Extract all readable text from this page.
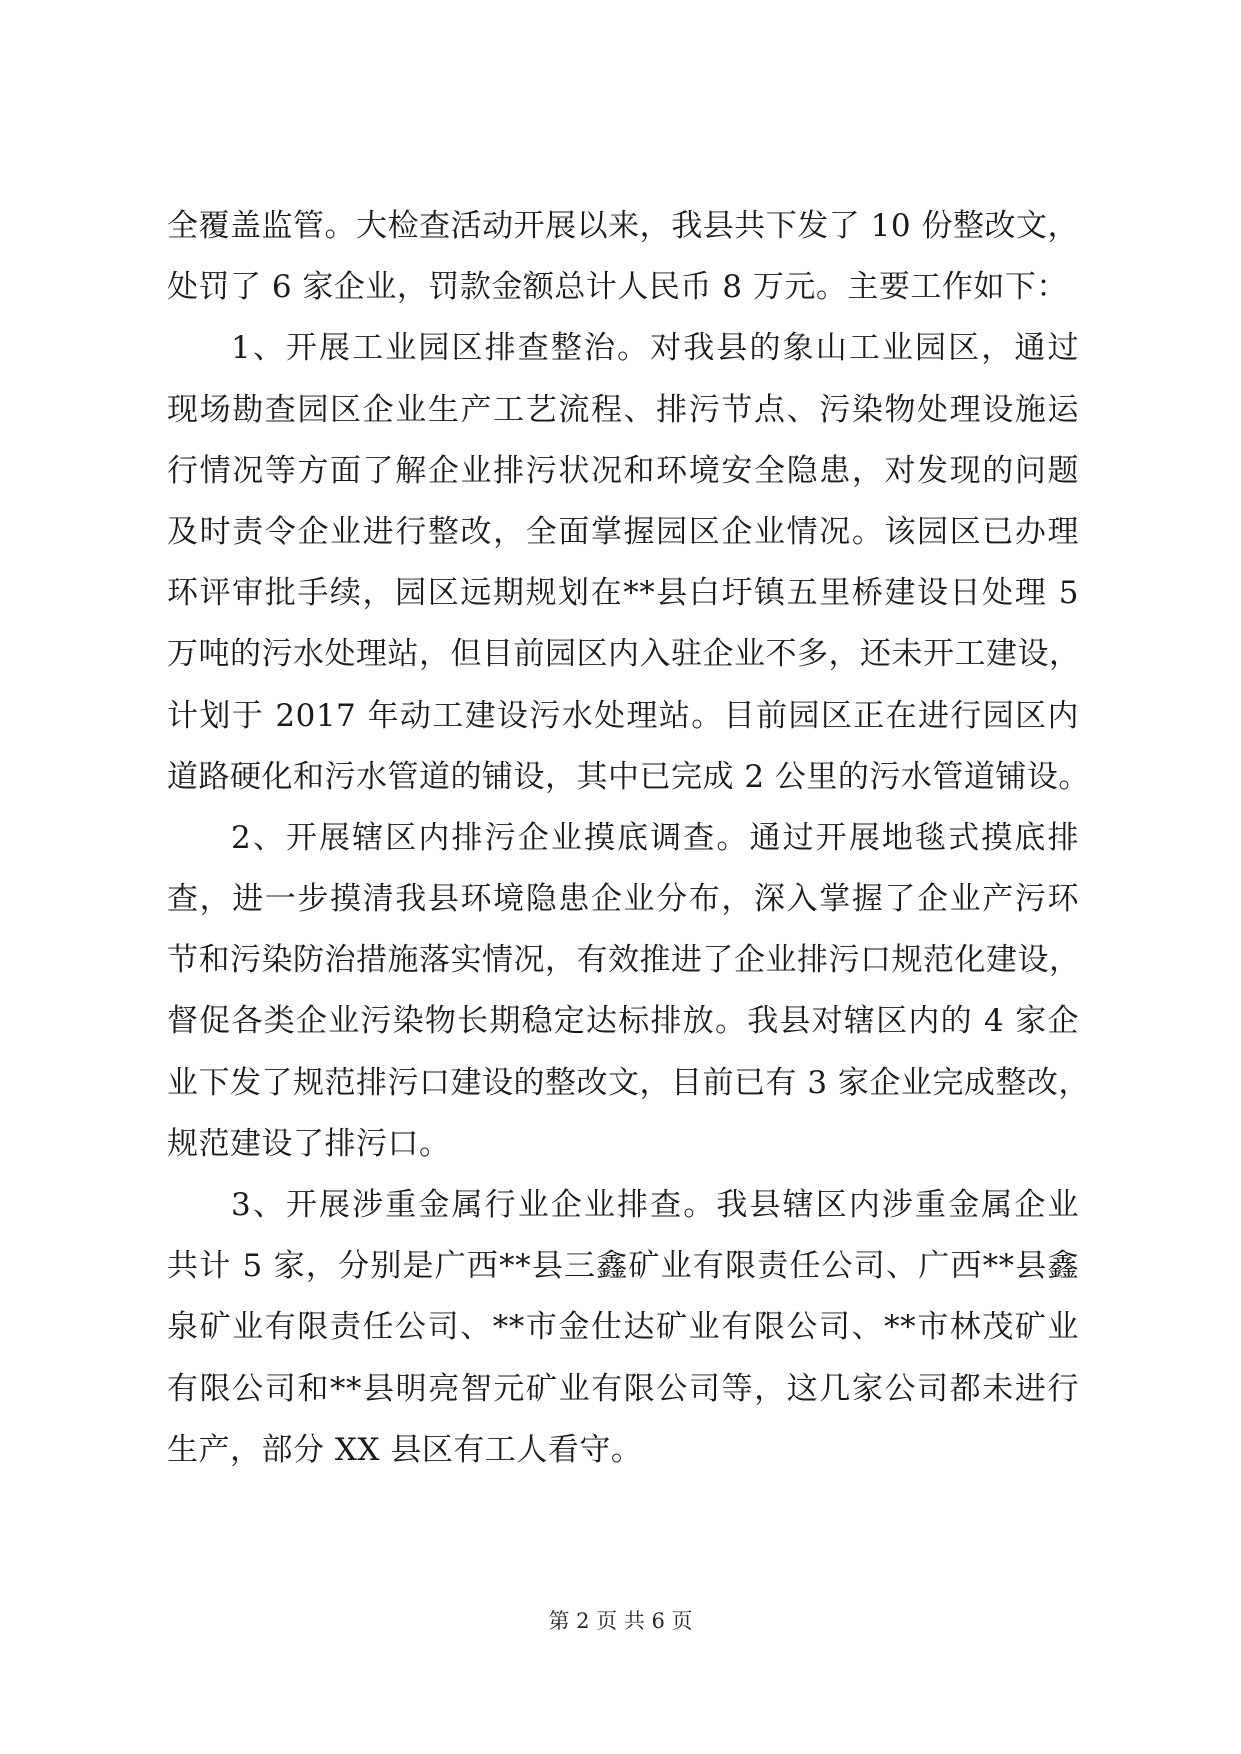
全覆盖监管。大检查活动开展以来，我县共下发了 10 份整改文，
处罚了 6 家企业，罚款金额总计人民币 8 万元。主要工作如下：
1、开展工业园区排查整治。对我县的象山工业园区，通过
现场勘查园区企业生产工艺流程、排污节点、污染物处理设施运
行情况等方面了解企业排污状况和环境安全隐患，对发现的问题
及时责令企业进行整改，全面掌握园区企业情况。该园区已办理
环评审批手续，园区远期规划在**县白圩镇五里桥建设日处理 5
万吨的污水处理站，但目前园区内入驻企业不多，还未开工建设，
计划于 2017 年动工建设污水处理站。目前园区正在进行园区内
道路硬化和污水管道的铺设，其中已完成 2 公里的污水管道铺设。
2、开展辖区内排污企业摸底调查。通过开展地毯式摸底排
查，进一步摸清我县环境隐患企业分布，深入掌握了企业产污环
节和污染防治措施落实情况，有效推进了企业排污口规范化建设，
督促各类企业污染物长期稳定达标排放。我县对辖区内的 4 家企
业下发了规范排污口建设的整改文，目前已有 3 家企业完成整改，
规范建设了排污口。
3、开展涉重金属行业企业排查。我县辖区内涉重金属企业
共计 5 家，分别是广西**县三鑫矿业有限责任公司、广西**县鑫
泉矿业有限责任公司、**市金仕达矿业有限公司、**市林茂矿业
有限公司和**县明亮智元矿业有限公司等，这几家公司都未进行
生产，部分 XX 县区有工人看守。
第 2 页 共 6 页
